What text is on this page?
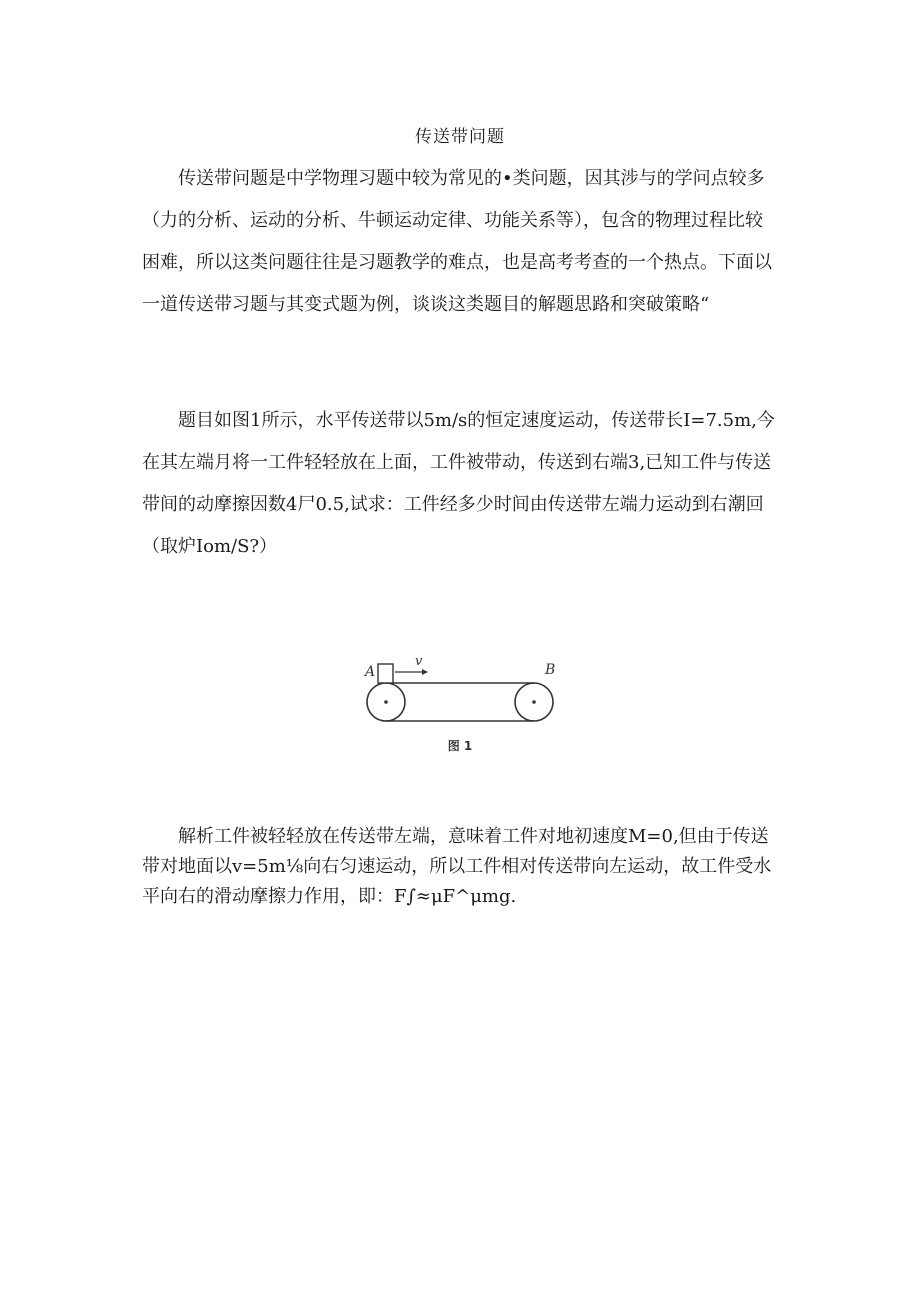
传送带问题
传送带问题是中学物理习题中较为常见的•类问题，因其涉与的学问点较多
（力的分析、运动的分析、牛顿运动定律、功能关系等），包含的物理过程比较
困难，所以这类问题往往是习题教学的难点，也是高考考查的一个热点。下面以
一道传送带习题与其变式题为例，谈谈这类题目的解题思路和突破策略“
题目如图1所示，水平传送带以5m∕s的恒定速度运动，传送带长I=7.5m,今
在其左端月将一工件轻轻放在上面，工件被带动，传送到右端3,已知工件与传送
带间的动摩擦因数4尸0.5,试求：工件经多少时间由传送带左端力运动到右潮回
（取炉Iom/S?）
v
A	B
图 1
解析工件被轻轻放在传送带左端，意味着工件对地初速度M=0,但由于传送
带对地面以v=5m⅛向右匀速运动，所以工件相对传送带向左运动，故工件受水
平向右的滑动摩擦力作用，即：F∫≈μF^μmg.
